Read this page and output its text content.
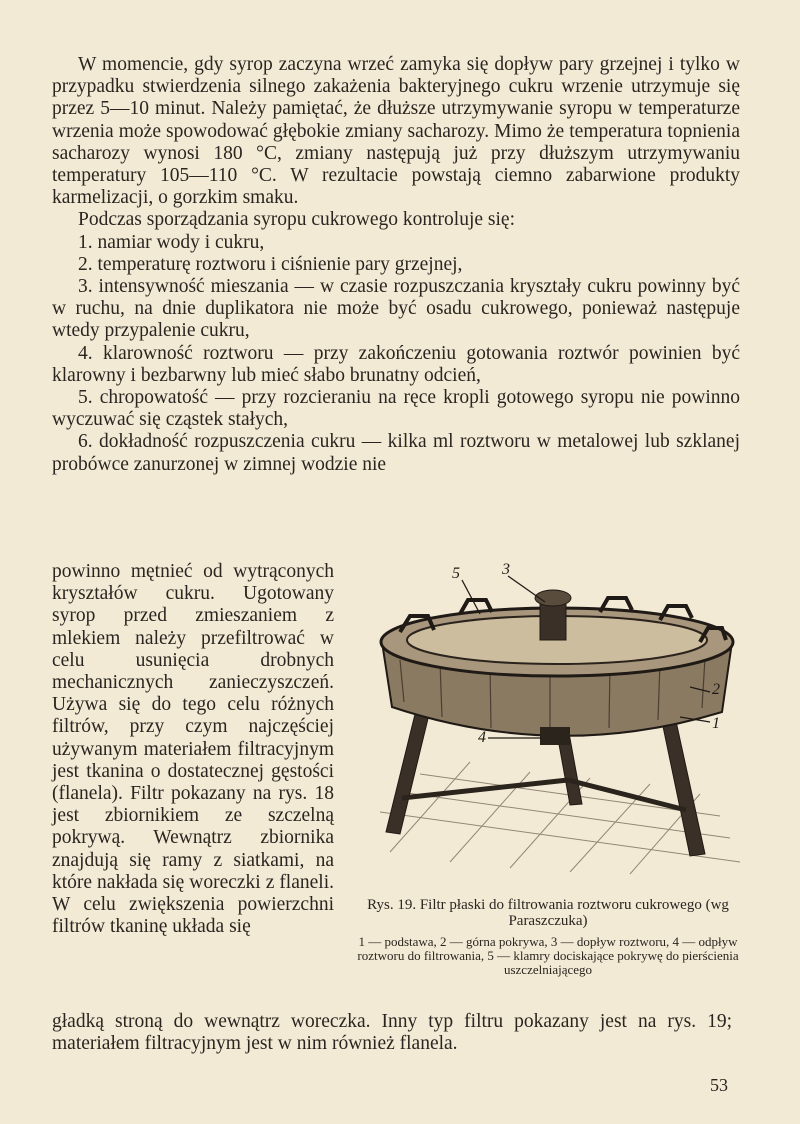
W momencie, gdy syrop zaczyna wrzeć zamyka się dopływ pary grzejnej i tylko w przypadku stwierdzenia silnego zakażenia bakteryjnego cukru wrzenie utrzymuje się przez 5—10 minut. Należy pamiętać, że dłuższe utrzymywanie syropu w temperaturze wrzenia może spowodować głębokie zmiany sacharozy. Mimo że temperatura topnienia sacharozy wynosi 180 °C, zmiany następują już przy dłuższym utrzymywaniu temperatury 105—110 °C. W rezultacie powstają ciemno zabarwione produkty karmelizacji, o gorzkim smaku.

Podczas sporządzania syropu cukrowego kontroluje się:

1. namiar wody i cukru,

2. temperaturę roztworu i ciśnienie pary grzejnej,

3. intensywność mieszania — w czasie rozpuszczania kryształy cukru powinny być w ruchu, na dnie duplikatora nie może być osadu cukrowego, ponieważ następuje wtedy przypalenie cukru,

4. klarowność roztworu — przy zakończeniu gotowania roztwór powinien być klarowny i bezbarwny lub mieć słabo brunatny odcień,

5. chropowatość — przy rozcieraniu na ręce kropli gotowego syropu nie powinno wyczuwać się cząstek stałych,

6. dokładność rozpuszczenia cukru — kilka ml roztworu w metalowej lub szklanej probówce zanurzonej w zimnej wodzie nie

powinno mętnieć od wytrąconych kryształów cukru. Ugotowany syrop przed zmieszaniem z mlekiem należy przefiltrować w celu usunięcia drobnych mechanicznych zanieczyszczeń. Używa się do tego celu różnych filtrów, przy czym najczęściej używanym materiałem filtracyjnym jest tkanina o dostatecznej gęstości (flanela). Filtr pokazany na rys. 18 jest zbiornikiem ze szczelną pokrywą. Wewnątrz zbiornika znajdują się ramy z siatkami, na które nakłada się woreczki z flaneli. W celu zwiększenia powierzchni filtrów tkaninę układa się
5	3
2
1
4
Rys. 19. Filtr płaski do filtrowania roztworu cukrowego (wg Paraszczuka)
1 — podstawa, 2 — górna pokrywa, 3 — dopływ roztworu, 4 — odpływ roztworu do filtrowania, 5 — klamry dociskające pokrywę do pierścienia uszczelniającego
gładką stroną do wewnątrz woreczka. Inny typ filtru pokazany jest na rys. 19; materiałem filtracyjnym jest w nim również flanela.
53
